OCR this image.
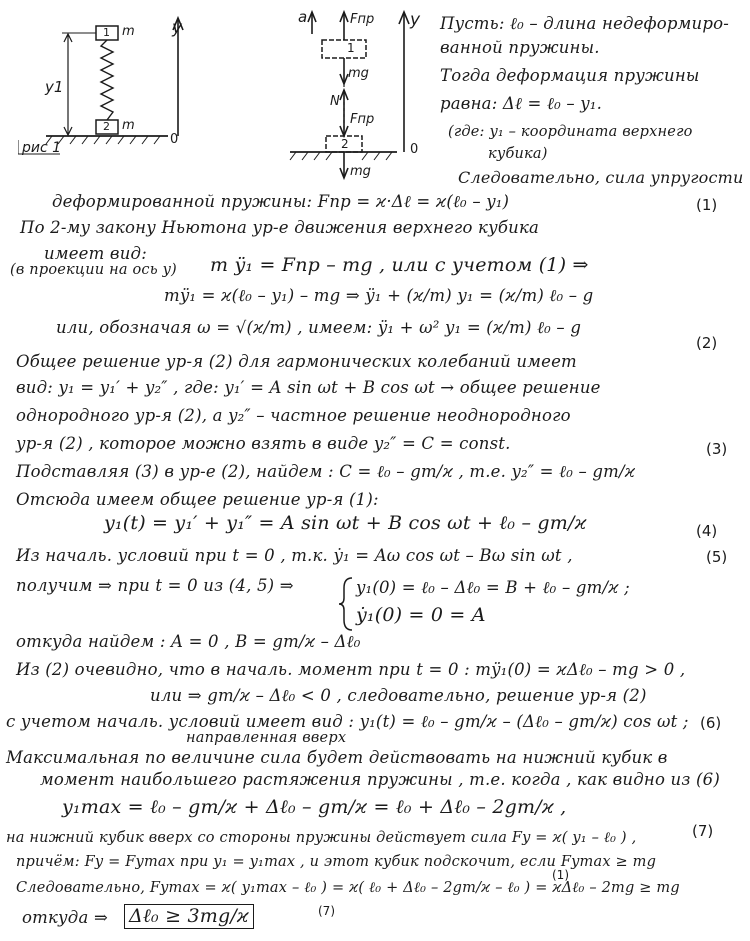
y
0
1 m
2 m
y1
рис 1
a	Fпр
1
mg
N
Fпр
2
mg
y
0
Пусть: ℓ₀ – длина недеформиро-
ванной пружины.
Тогда деформация пружины
равна: Δℓ = ℓ₀ – y₁.
(где: y₁ – координата верхнего
кубика)
Следовательно, сила упругости
деформированной пружины: Fпр = ϰ·Δℓ = ϰ(ℓ₀ – y₁)	(1)
По 2-му закону Ньютона ур-е движения верхнего кубика
имеет вид:
(в проекции на ось y) m ÿ₁ = Fпр – mg , или с учетом (1) ⇒
mÿ₁ = ϰ(ℓ₀ – y₁) – mg ⇒ ÿ₁ + (ϰ/m) y₁ = (ϰ/m) ℓ₀ – g
или, обозначая ω = √(ϰ/m) , имеем: ÿ₁ + ω² y₁ = (ϰ/m) ℓ₀ – g
(2)
Общее решение ур-я (2) для гармонических колебаний имеет
вид: y₁ = y₁′ + y₂″ , где: y₁′ = A sin ωt + B cos ωt → общее решение
однородного ур-я (2), а y₂″ – частное решение неоднородного
ур-я (2) , которое можно взять в виде y₂″ = C = const.	(3)
Подставляя (3) в ур-е (2), найдем : C = ℓ₀ – gm/ϰ , т.е. y₂″ = ℓ₀ – gm/ϰ
Отсюда имеем общее решение ур-я (1):
y₁(t) = y₁′ + y₁″ = A sin ωt + B cos ωt + ℓ₀ – gm/ϰ	(4)
Из началь. условий при t = 0 , т.к. ẏ₁ = Aω cos ωt – Bω sin ωt ,	(5)
получим ⇒ при t = 0 из (4, 5) ⇒	y₁(0) = ℓ₀ – Δℓ₀ = B + ℓ₀ – gm/ϰ ;
ẏ₁(0) = 0 = A
откуда найдем : A = 0 , B = gm/ϰ – Δℓ₀
Из (2) очевидно, что в началь. момент при t = 0 : mÿ₁(0) = ϰΔℓ₀ – mg > 0 ,
или ⇒ gm/ϰ – Δℓ₀ < 0 , следовательно, решение ур-я (2)
с учетом началь. условий имеет вид : y₁(t) = ℓ₀ – gm/ϰ – (Δℓ₀ – gm/ϰ) cos ωt ; (6)
направленная вверх
Максимальная по величине сила будет действовать на нижний кубик в
момент наибольшего растяжения пружины , т.е. когда , как видно из (6)
y₁max = ℓ₀ – gm/ϰ + Δℓ₀ – gm/ϰ = ℓ₀ + Δℓ₀ – 2gm/ϰ ,
(7)
на нижний кубик вверх со стороны пружины действует сила Fy = ϰ( y₁ – ℓ₀ ) ,
причём: Fy = Fymax при y₁ = y₁max , и этот кубик подскочит, если Fymax ≥ mg
Следовательно, Fymax = ϰ( y₁max – ℓ₀ ) = ϰ( ℓ₀ + Δℓ₀ – 2gm/ϰ – ℓ₀ ) = ϰΔℓ₀ – 2mg ≥ mg
(1)
(7)
откуда ⇒ Δℓ₀ ≥ 3mg/ϰ
